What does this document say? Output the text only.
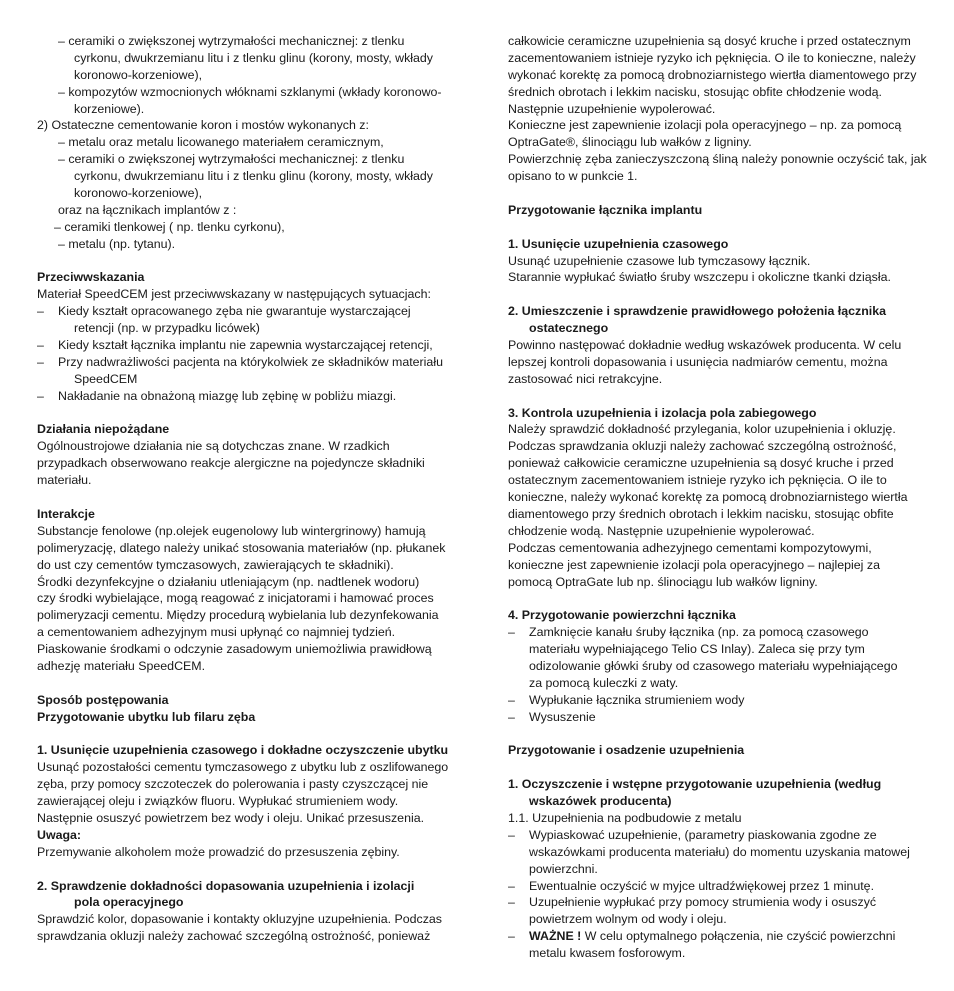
– ceramiki o zwiększonej wytrzymałości mechanicznej: z tlenku
cyrkonu, dwukrzemianu litu i z tlenku glinu (korony, mosty, wkłady
koronowo-korzeniowe),
– kompozytów wzmocnionych włóknami szklanymi (wkłady koronowo-
korzeniowe).
2) Ostateczne cementowanie koron i mostów wykonanych z:
– metalu oraz metalu licowanego materiałem ceramicznym,
– ceramiki o zwiększonej wytrzymałości mechanicznej: z tlenku
cyrkonu, dwukrzemianu litu i z tlenku glinu (korony, mosty, wkłady
koronowo-korzeniowe),
oraz na łącznikach implantów z :
– ceramiki tlenkowej ( np. tlenku cyrkonu),
– metalu (np. tytanu).
Przeciwwskazania
Materiał SpeedCEM jest przeciwwskazany w następujących sytuacjach:
– Kiedy kształt opracowanego zęba nie gwarantuje wystarczającej
retencji (np. w przypadku licówek)
– Kiedy kształt łącznika implantu nie zapewnia wystarczającej retencji,
– Przy nadwrażliwości pacjenta na którykolwiek ze składników materiału
SpeedCEM
– Nakładanie na obnażoną miazgę lub zębinę w pobliżu miazgi.
Działania niepożądane
Ogólnoustrojowe działania nie są dotychczas znane. W rzadkich
przypadkach obserwowano reakcje alergiczne na pojedyncze składniki
materiału.
Interakcje
Substancje fenolowe (np.olejek eugenolowy lub wintergrinowy) hamują
polimeryzację, dlatego należy unikać stosowania materiałów (np. płukanek
do ust czy cementów tymczasowych, zawierających te składniki).
Środki dezynfekcyjne o działaniu utleniającym (np. nadtlenek wodoru)
czy środki wybielające, mogą reagować z inicjatorami i hamować proces
polimeryzacji cementu. Między procedurą wybielania lub dezynfekowania
a cementowaniem adhezyjnym musi upłynąć co najmniej tydzień.
Piaskowanie środkami o odczynie zasadowym uniemożliwia prawidłową
adhezję materiału SpeedCEM.
Sposób postępowania
Przygotowanie ubytku lub filaru zęba
1. Usunięcie uzupełnienia czasowego i dokładne oczyszczenie ubytku
Usunąć pozostałości cementu tymczasowego z ubytku lub z oszlifowanego
zęba, przy pomocy szczoteczek do polerowania i pasty czyszczącej nie
zawierającej oleju i związków fluoru. Wypłukać strumieniem wody.
Następnie osuszyć powietrzem bez wody i oleju. Unikać przesuszenia.
Uwaga:
Przemywanie alkoholem może prowadzić do przesuszenia zębiny.
2. Sprawdzenie dokładności dopasowania uzupełnienia i izolacji
pola operacyjnego
Sprawdzić kolor, dopasowanie i kontakty okluzyjne uzupełnienia. Podczas
sprawdzania okluzji należy zachować szczególną ostrożność, ponieważ
całkowicie ceramiczne uzupełnienia są dosyć kruche i przed ostatecznym
zacementowaniem istnieje ryzyko ich pęknięcia. O ile to konieczne, należy
wykonać korektę za pomocą drobnoziarnistego wiertła diamentowego przy
średnich obrotach i lekkim nacisku, stosując obfite chłodzenie wodą.
Następnie uzupełnienie wypolerować.
Konieczne jest zapewnienie izolacji pola operacyjnego – np. za pomocą
OptraGate®, ślinociągu lub wałków z ligniny.
Powierzchnię zęba zanieczyszczoną śliną należy ponownie oczyścić tak, jak
opisano to w punkcie 1.
Przygotowanie łącznika implantu
1. Usunięcie uzupełnienia czasowego
Usunąć uzupełnienie czasowe lub tymczasowy łącznik.
Starannie wypłukać światło śruby wszczepu i okoliczne tkanki dziąsła.
2. Umieszczenie i sprawdzenie prawidłowego położenia łącznika
ostatecznego
Powinno następować dokładnie według wskazówek producenta. W celu
lepszej kontroli dopasowania i usunięcia nadmiarów cementu, można
zastosować nici retrakcyjne.
3. Kontrola uzupełnienia i izolacja pola zabiegowego
Należy sprawdzić dokładność przylegania, kolor uzupełnienia i okluzję.
Podczas sprawdzania okluzji należy zachować szczególną ostrożność,
ponieważ całkowicie ceramiczne uzupełnienia są dosyć kruche i przed
ostatecznym zacementowaniem istnieje ryzyko ich pęknięcia. O ile to
konieczne, należy wykonać korektę za pomocą drobnoziarnistego wiertła
diamentowego przy średnich obrotach i lekkim nacisku, stosując obfite
chłodzenie wodą. Następnie uzupełnienie wypolerować.
Podczas cementowania adhezyjnego cementami kompozytowymi,
konieczne jest zapewnienie izolacji pola operacyjnego – najlepiej za
pomocą OptraGate lub np. ślinociągu lub wałków ligniny.
4. Przygotowanie powierzchni łącznika
– Zamknięcie kanału śruby łącznika (np. za pomocą czasowego
materiału wypełniającego Telio CS Inlay). Zaleca się przy tym
odizolowanie główki śruby od czasowego materiału wypełniającego
za pomocą kuleczki z waty.
– Wypłukanie łącznika strumieniem wody
– Wysuszenie
Przygotowanie i osadzenie uzupełnienia
1. Oczyszczenie i wstępne przygotowanie uzupełnienia (według
wskazówek producenta)
1.1. Uzupełnienia na podbudowie z metalu
– Wypiaskować uzupełnienie, (parametry piaskowania zgodne ze
wskazówkami producenta materiału) do momentu uzyskania matowej
powierzchni.
– Ewentualnie oczyścić w myjce ultradźwiękowej przez 1 minutę.
– Uzupełnienie wypłukać przy pomocy strumienia wody i osuszyć
powietrzem wolnym od wody i oleju.
– WAŻNE ! W celu optymalnego połączenia, nie czyścić powierzchni
metalu kwasem fosforowym.
